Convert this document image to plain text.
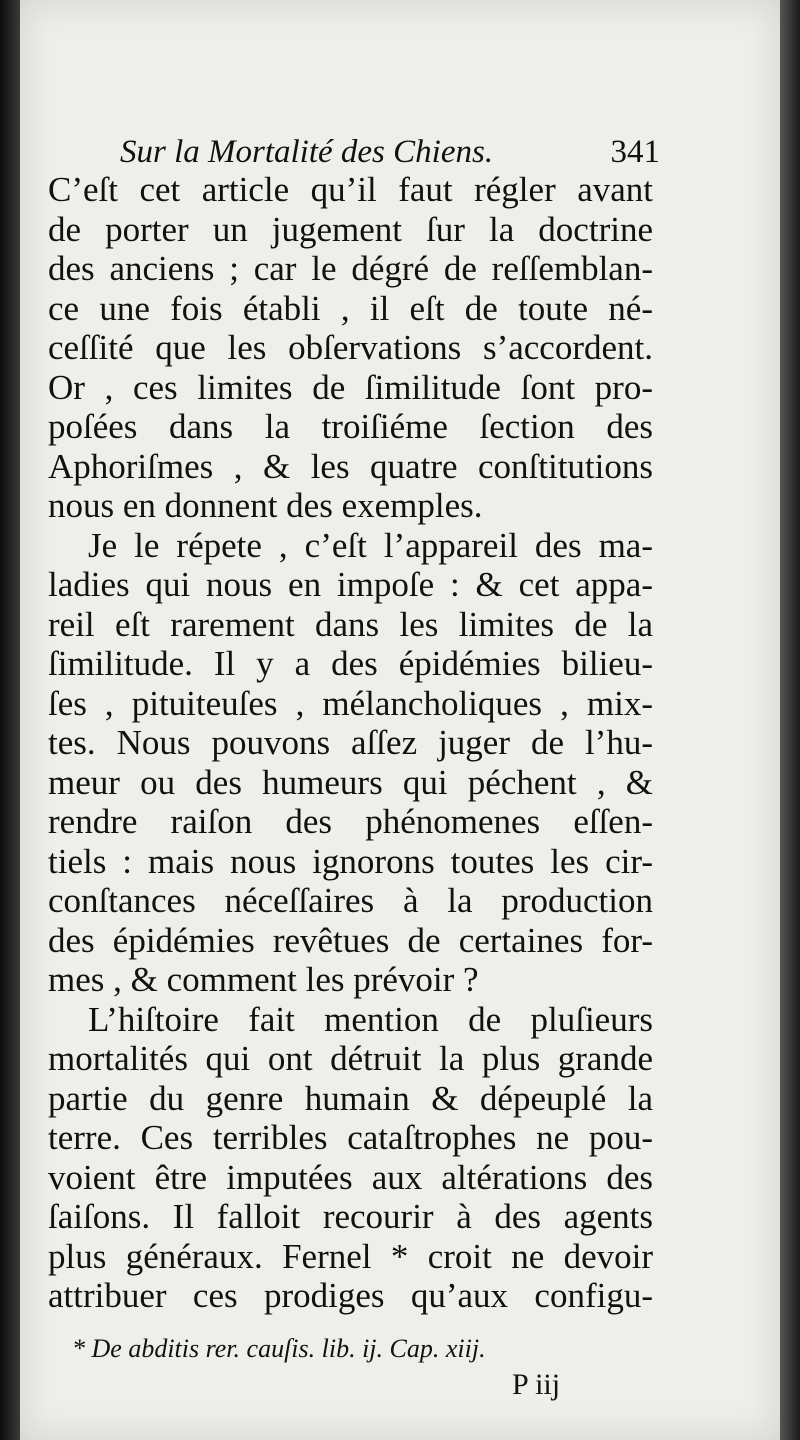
Sur la Mortalité des Chiens.	341
C’eſt cet article qu’il faut régler avant
de porter un jugement ſur la doctrine
des anciens ; car le dégré de reſſemblan-
ce une fois établi , il eſt de toute né-
ceſſité que les obſervations s’accordent.
Or , ces limites de ſimilitude ſont pro-
poſées dans la troiſiéme ſection des
Aphoriſmes , & les quatre conſtitutions
nous en donnent des exemples.
Je le répete , c’eſt l’appareil des ma-
ladies qui nous en impoſe : & cet appa-
reil eſt rarement dans les limites de la
ſimilitude. Il y a des épidémies bilieu-
ſes , pituiteuſes , mélancholiques , mix-
tes. Nous pouvons aſſez juger de l’hu-
meur ou des humeurs qui péchent , &
rendre raiſon des phénomenes eſſen-
tiels : mais nous ignorons toutes les cir-
conſtances néceſſaires à la production
des épidémies revêtues de certaines for-
mes , & comment les prévoir ?
L’hiſtoire fait mention de pluſieurs
mortalités qui ont détruit la plus grande
partie du genre humain & dépeuplé la
terre. Ces terribles cataſtrophes ne pou-
voient être imputées aux altérations des
ſaiſons. Il falloit recourir à des agents
plus généraux. Fernel * croit ne devoir
attribuer ces prodiges qu’aux configu-
* De abditis rer. cauſis. lib. ij. Cap. xiij.
P iij
